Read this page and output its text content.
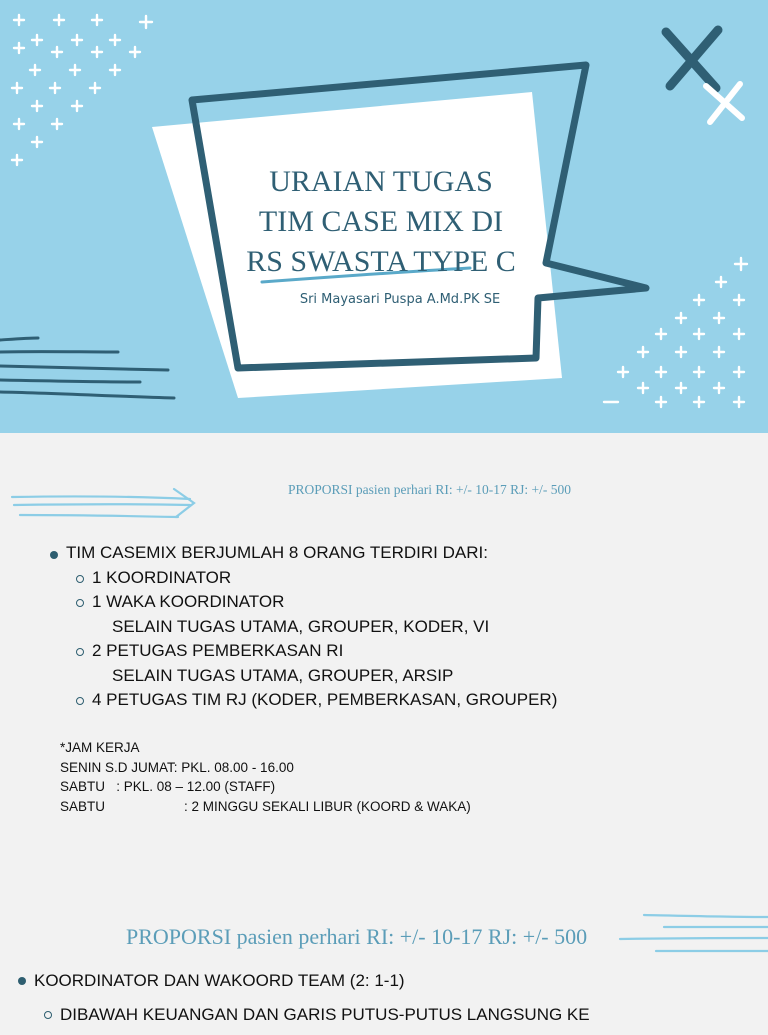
URAIAN TUGAS
TIM CASE MIX DI
RS SWASTA TYPE C
Sri Mayasari Puspa A.Md.PK SE
PROPORSI pasien perhari RI: +/- 10-17 RJ: +/- 500
TIM CASEMIX BERJUMLAH 8 ORANG TERDIRI DARI:
1 KOORDINATOR
1 WAKA KOORDINATOR
SELAIN TUGAS UTAMA, GROUPER, KODER, VI
2 PETUGAS PEMBERKASAN RI
SELAIN TUGAS UTAMA, GROUPER, ARSIP
4 PETUGAS TIM RJ (KODER, PEMBERKASAN, GROUPER)
*JAM KERJA
SENIN S.D JUMAT: PKL. 08.00 - 16.00
SABTU   : PKL. 08 – 12.00 (STAFF)
SABTU	: 2 MINGGU SEKALI LIBUR (KOORD & WAKA)
PROPORSI pasien perhari RI: +/- 10-17 RJ: +/- 500
KOORDINATOR DAN WAKOORD TEAM (2: 1-1)
DIBAWAH KEUANGAN DAN GARIS PUTUS-PUTUS LANGSUNG KE
